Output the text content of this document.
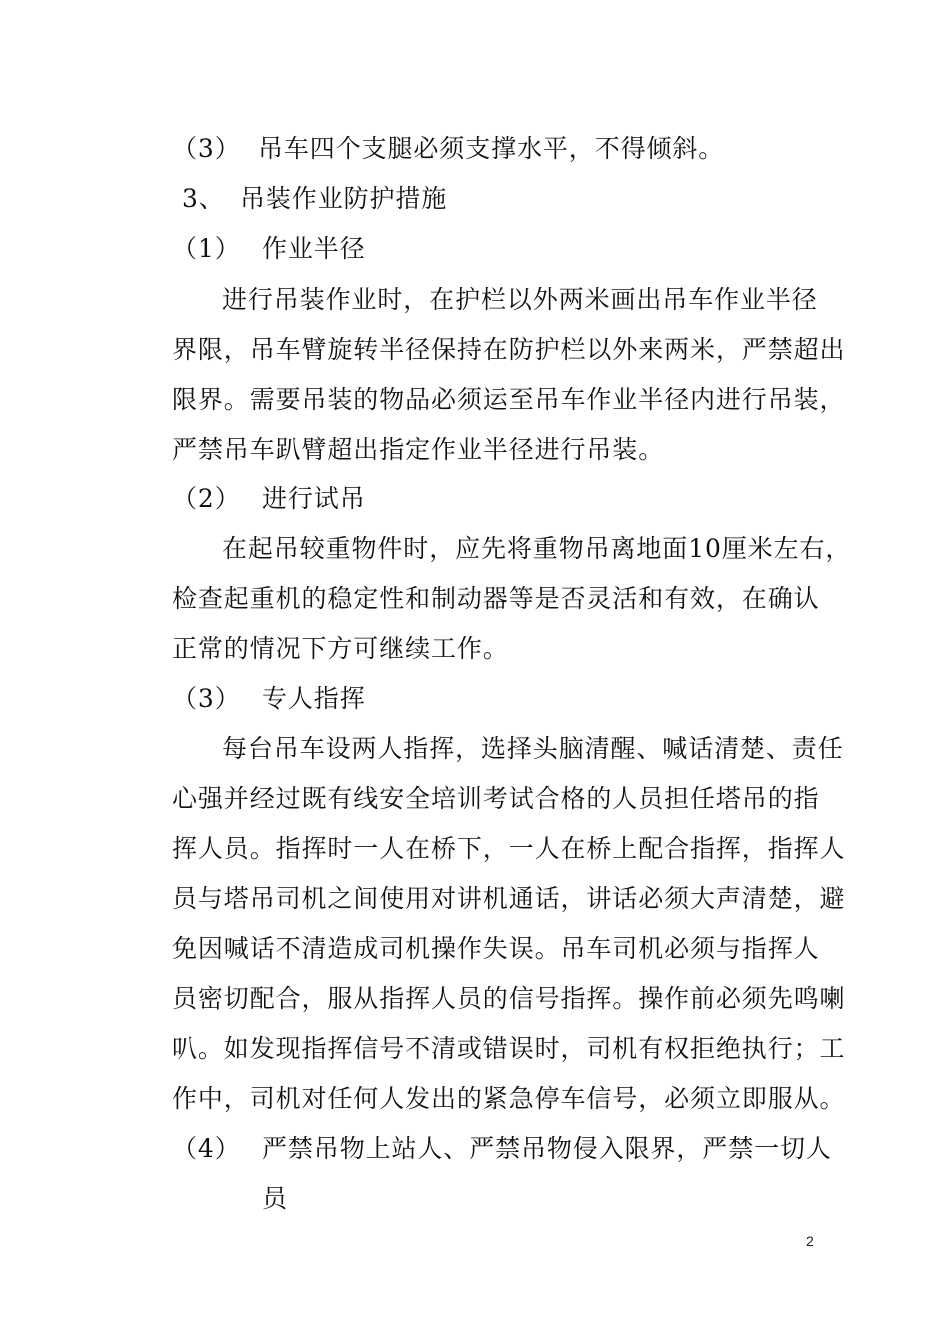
（3） 吊车四个支腿必须支撑水平，不得倾斜。
3、 吊装作业防护措施
（1） 作业半径
进行吊装作业时，在护栏以外两米画出吊车作业半径
界限，吊车臂旋转半径保持在防护栏以外来两米，严禁超出
限界。需要吊装的物品必须运至吊车作业半径内进行吊装，
严禁吊车趴臂超出指定作业半径进行吊装。
（2） 进行试吊
在起吊较重物件时，应先将重物吊离地面10厘米左右，
检查起重机的稳定性和制动器等是否灵活和有效，在确认
正常的情况下方可继续工作。
（3） 专人指挥
每台吊车设两人指挥，选择头脑清醒、喊话清楚、责任
心强并经过既有线安全培训考试合格的人员担任塔吊的指
挥人员。指挥时一人在桥下，一人在桥上配合指挥，指挥人
员与塔吊司机之间使用对讲机通话，讲话必须大声清楚，避
免因喊话不清造成司机操作失误。吊车司机必须与指挥人
员密切配合，服从指挥人员的信号指挥。操作前必须先鸣喇
叭。如发现指挥信号不清或错误时，司机有权拒绝执行；工
作中，司机对任何人发出的紧急停车信号，必须立即服从。
（4） 严禁吊物上站人、严禁吊物侵入限界，严禁一切人
员
2
